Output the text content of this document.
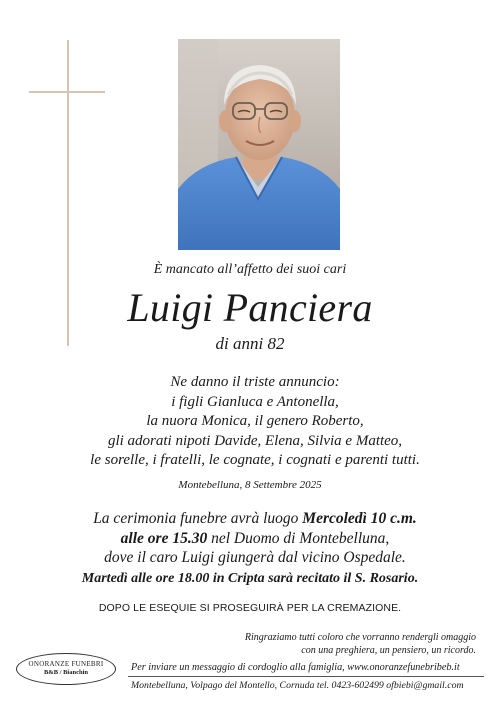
È mancato all’affetto dei suoi cari
Luigi Panciera
di anni 82
Ne danno il triste annuncio:
i figli Gianluca e Antonella,
la nuora Monica, il genero Roberto,
gli adorati nipoti Davide, Elena, Silvia e Matteo,
le sorelle, i fratelli, le cognate, i cognati e parenti tutti.
Montebelluna, 8 Settembre 2025
La cerimonia funebre avrà luogo Mercoledì 10 c.m.
alle ore 15.30 nel Duomo di Montebelluna,
dove il caro Luigi giungerà dal vicino Ospedale.
Martedì alle ore 18.00 in Cripta sarà recitato il S. Rosario.
DOPO LE ESEQUIE SI PROSEGUIRÀ PER LA CREMAZIONE.
Ringraziamo tutti coloro che vorranno rendergli omaggio
con una preghiera, un pensiero, un ricordo.
ONORANZE FUNEBRI
B&B / Bianchin	Per inviare un messaggio di cordoglio alla famiglia, www.onoranzefunebribeb.it
Montebelluna, Volpago del Montello, Cornuda tel. 0423-602499 ofbiebi@gmail.com
